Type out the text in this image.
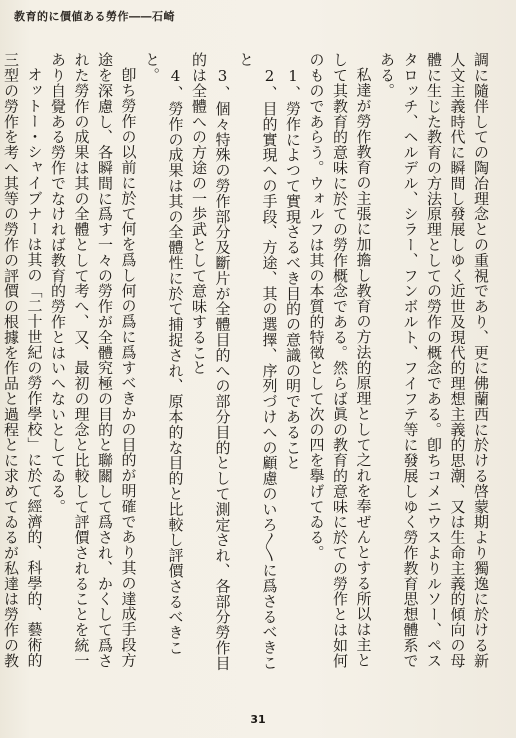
教育的に價値ある勞作――石崎

調に隨伴しての陶冶理念との重視であり、更に佛蘭西に於ける啓蒙期より獨逸に於ける新人文主義時代に瞬間し發展しゆく近世及現代的理想主義的思潮、又は生命主義的傾向の母體に生じた教育の方法原理としての勞作の概念である。卽ちコメニウスよりルソー、ペスタロッチ、ヘルデル、シラー、フンボルト、フイフテ等に發展しゆく勞作教育思想體系である。

私達が勞作教育の主張に加擔し教育の方法的原理として之れを奉ぜんとする所以は主として其教育的意味に於ての勞作概念である。然らば眞の教育的意味に於ての勞作とは如何のものであらう。ウォルフは其の本質的特徵として次の四を擧げてゐる。

1、勞作によつて實現さるべき目的の意識の明であること

2、目的實現への手段、方途、其の選擇、序列づけへの顧慮のいろ〳〵に爲さるべきこと

3、個々特殊の勞作部分及斷片が全體目的への部分目的として測定され、各部分勞作目的は全體への方途の一歩武として意味すること

4、勞作の成果は其の全體性に於て捕捉され、原本的な目的と比較し評價さるべきこと。

卽ち勞作の以前に於て何を爲し何の爲に爲すべきかの目的が明確であり其の達成手段方途を深慮し、各瞬間に爲す一々の勞作が全體究極の目的と聯關して爲され、かくして爲された勞作の成果は其の全體として考へ、又、最初の理念と比較して評價されることを統一あり自覺ある勞作でなければ教育的勞作とはいへないとしてゐる。

オットー・シャイブナーは其の「二十世紀の勞作學校」に於て經濟的、科學的、藝術的三型の勞作を考へ其等の勞作の評價の根據を作品と過程とに求めてゐるが私達は勞作の教

31
